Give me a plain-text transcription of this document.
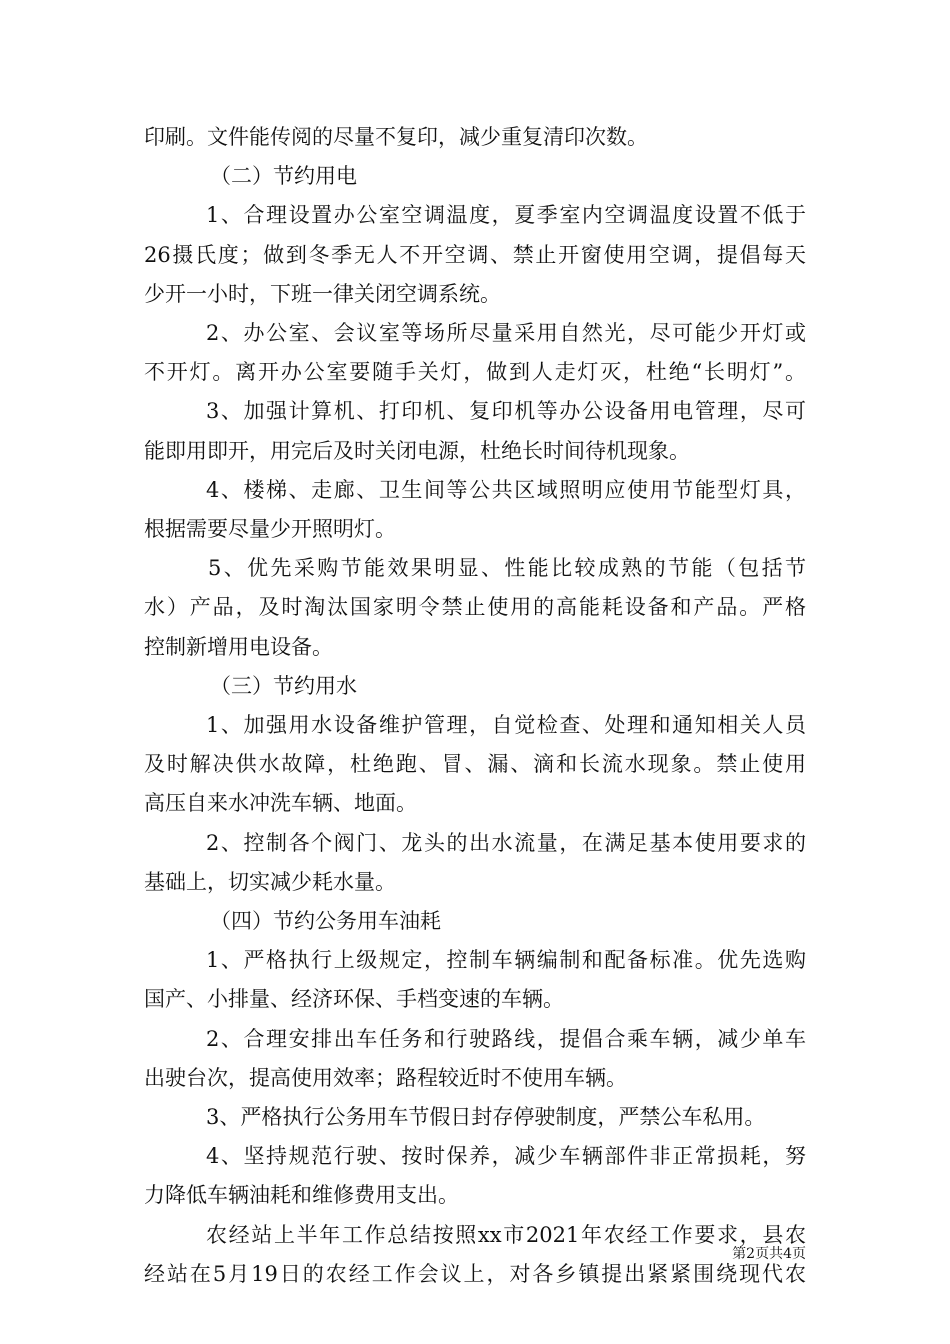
印刷。文件能传阅的尽量不复印，减少重复清印次数。
（二）节约用电
1、合理设置办公室空调温度，夏季室内空调温度设置不低于
26摄氏度；做到冬季无人不开空调、禁止开窗使用空调，提倡每天
少开一小时，下班一律关闭空调系统。
2、办公室、会议室等场所尽量采用自然光，尽可能少开灯或
不开灯。离开办公室要随手关灯，做到人走灯灭，杜绝“长明灯”。
3、加强计算机、打印机、复印机等办公设备用电管理，尽可
能即用即开，用完后及时关闭电源，杜绝长时间待机现象。
4、楼梯、走廊、卫生间等公共区域照明应使用节能型灯具，
根据需要尽量少开照明灯。
5、优先采购节能效果明显、性能比较成熟的节能（包括节
水）产品，及时淘汰国家明令禁止使用的高能耗设备和产品。严格
控制新增用电设备。
（三）节约用水
1、加强用水设备维护管理，自觉检查、处理和通知相关人员
及时解决供水故障，杜绝跑、冒、漏、滴和长流水现象。禁止使用
高压自来水冲洗车辆、地面。
2、控制各个阀门、龙头的出水流量，在满足基本使用要求的
基础上，切实减少耗水量。
（四）节约公务用车油耗
1、严格执行上级规定，控制车辆编制和配备标准。优先选购
国产、小排量、经济环保、手档变速的车辆。
2、合理安排出车任务和行驶路线，提倡合乘车辆，减少单车
出驶台次，提高使用效率；路程较近时不使用车辆。
3、严格执行公务用车节假日封存停驶制度，严禁公车私用。
4、坚持规范行驶、按时保养，减少车辆部件非正常损耗，努
力降低车辆油耗和维修费用支出。
农经站上半年工作总结按照xx市2021年农经工作要求，县农
经站在5月19日的农经工作会议上，对各乡镇提出紧紧围绕现代农
第2页共4页
